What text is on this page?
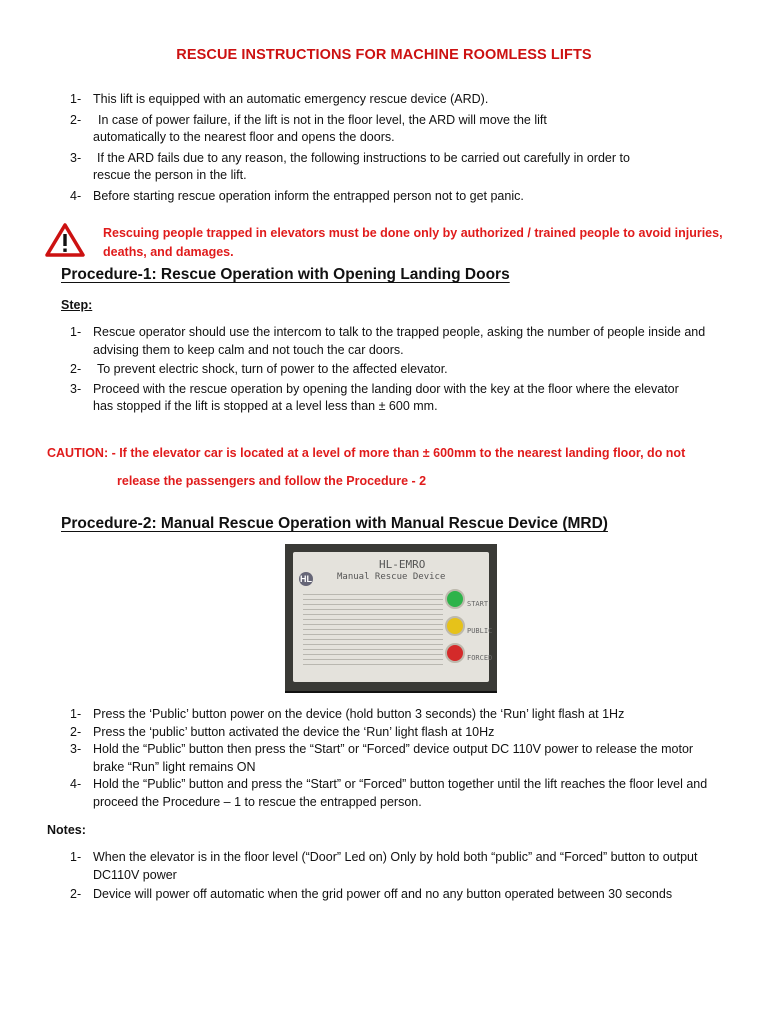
RESCUE INSTRUCTIONS FOR MACHINE ROOMLESS LIFTS
1- This lift is equipped with an automatic emergency rescue device (ARD).
2- In case of power failure, if the lift is not in the floor level, the ARD will move the lift automatically to the nearest floor and opens the doors.
3- If the ARD fails due to any reason, the following instructions to be carried out carefully in order to rescue the person in the lift.
4- Before starting rescue operation inform the entrapped person not to get panic.
Rescuing people trapped in elevators must be done only by authorized / trained people to avoid injuries, deaths, and damages.
Procedure-1: Rescue Operation with Opening Landing Doors
Step:
1- Rescue operator should use the intercom to talk to the trapped people, asking the number of people inside and advising them to keep calm and not touch the car doors.
2- To prevent electric shock, turn of power to the affected elevator.
3- Proceed with the rescue operation by opening the landing door with the key at the floor where the elevator has stopped if the lift is stopped at a level less than ± 600 mm.
CAUTION: - If the elevator car is located at a level of more than ± 600mm to the nearest landing floor, do not
release the passengers and follow the Procedure - 2
Procedure-2: Manual Rescue Operation with Manual Rescue Device (MRD)
HL
HL-EMRO
Manual Rescue Device
START
PUBLIC
FORCED
1- Press the ‘Public’ button power on the device (hold button 3 seconds) the ‘Run’ light flash at 1Hz
2- Press the ‘public’ button activated the device the ‘Run’ light flash at 10Hz
3- Hold the “Public” button then press the “Start” or “Forced” device output DC 110V power to release the motor brake “Run” light remains ON
4- Hold the “Public” button and press the “Start” or “Forced” button together until the lift reaches the floor level and proceed the Procedure – 1 to rescue the entrapped person.
Notes:
1- When the elevator is in the floor level (“Door” Led on) Only by hold both “public” and “Forced” button to output DC110V power
2- Device will power off automatic when the grid power off and no any button operated between 30 seconds
